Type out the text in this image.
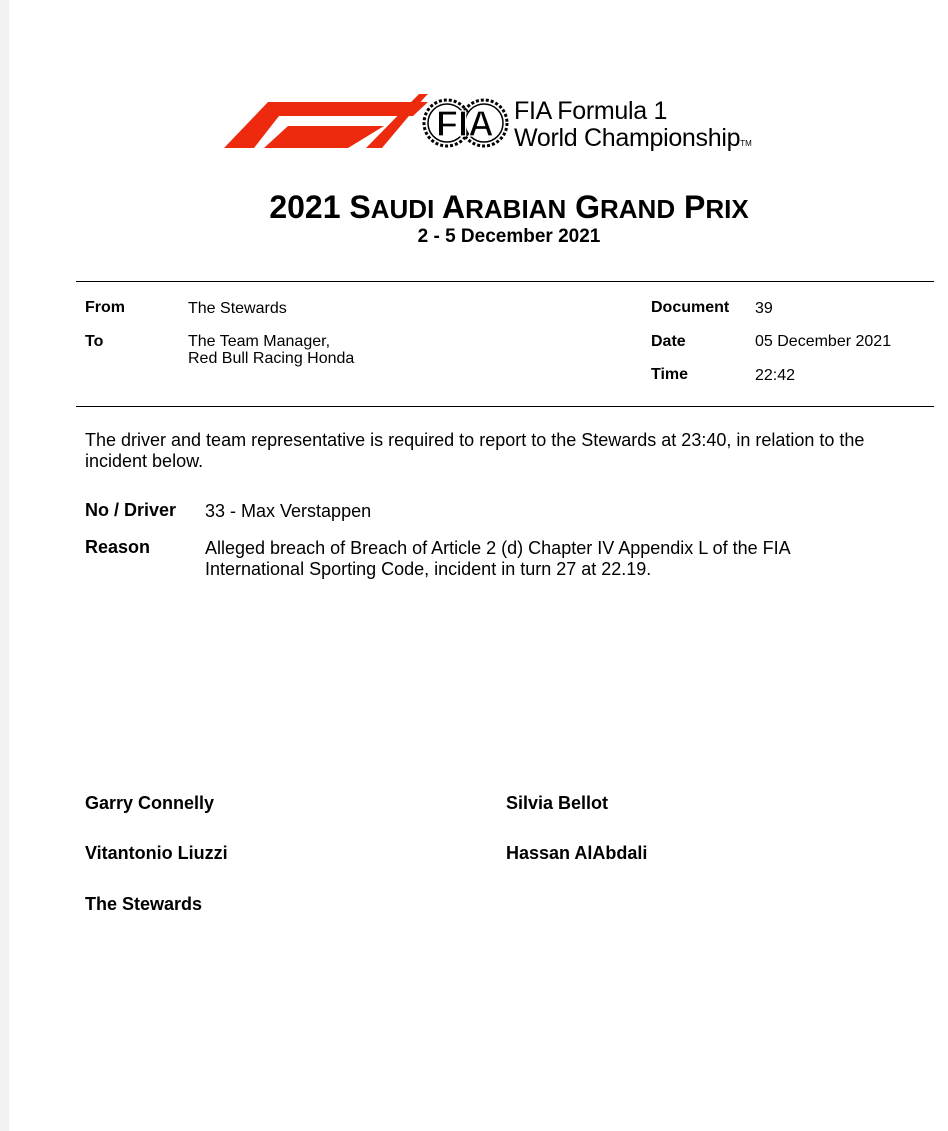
FIA FIA Formula 1
World ChampionshipTM
2021 SAUDI ARABIAN GRAND PRIX
2 - 5 December 2021
From	The Stewards
To	The Team Manager,
Red Bull Racing Honda
Document 39
Date	05 December 2021
Time	22:42
The driver and team representative is required to report to the Stewards at 23:40, in relation to the
incident below.
No / Driver 33 - Max Verstappen
Reason	Alleged breach of Breach of Article 2 (d) Chapter IV Appendix L of the FIA
International Sporting Code, incident in turn 27 at 22.19.
Garry Connelly	Silvia Bellot
Vitantonio Liuzzi	Hassan AlAbdali
The Stewards
